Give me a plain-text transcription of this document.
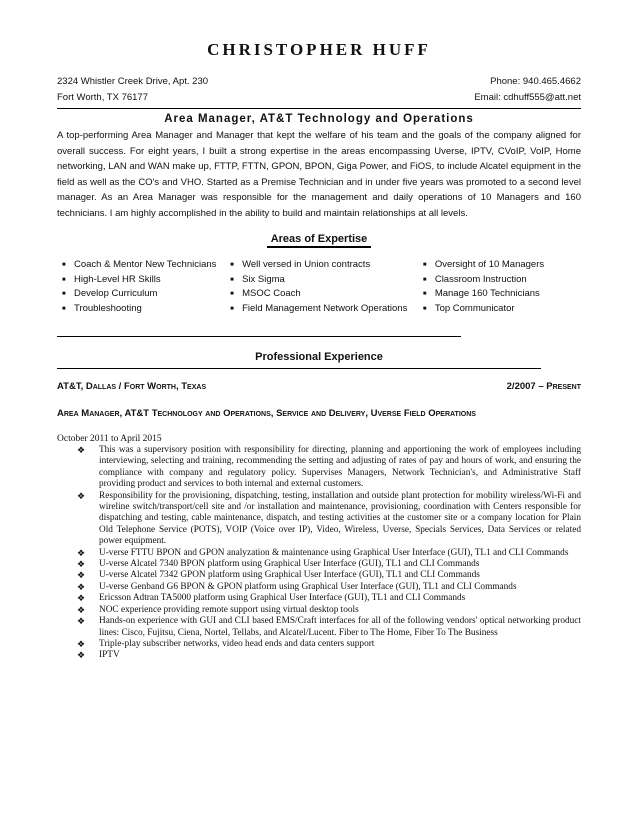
CHRISTOPHER HUFF
2324 Whistler Creek Drive, Apt. 230	Phone: 940.465.4662
Fort Worth, TX 76177	Email: cdhuff555@att.net
Area Manager, AT&T Technology and Operations

A top-performing Area Manager and Manager that kept the welfare of his team and the goals of the company aligned for overall success. For eight years, I built a strong expertise in the areas encompassing Uverse, IPTV, CVoIP, VoIP, Home networking, LAN and WAN make up, FTTP, FTTN, GPON, BPON, Giga Power, and FiOS, to include Alcatel equipment in the field as well as the CO's and VHO. Started as a Premise Technician and in under five years was promoted to a second level manager. As an Area Manager was responsible for the management and daily operations of 10 Managers and 160 technicians. I am highly accomplished in the ability to build and maintain relationships at all levels.

Areas of Expertise
■ Coach & Mentor New Technicians
■ High-Level HR Skills
■ Develop Curriculum
■ Troubleshooting
■ Well versed in Union contracts
■ Six Sigma
■ MSOC Coach
■ Field Management Network Operations
■ Oversight of 10 Managers
■ Classroom Instruction
■ Manage 160 Technicians
■ Top Communicator
Professional Experience
AT&T, Dallas / Fort Worth, Texas	2/2007 – Present
Area Manager, AT&T Technology and Operations, Service and Delivery, Uverse Field Operations
October 2011 to April 2015
❖ This was a supervisory position with responsibility for directing, planning and apportioning the work of employees including interviewing, selecting and training, recommending the setting and adjusting of rates of pay and hours of work, and ensuring the compliance with company and regulatory policy. Supervises Managers, Network Technician's, and Administrative Staff providing product and services to both internal and external customers.
❖ Responsibility for the provisioning, dispatching, testing, installation and outside plant protection for mobility wireless/Wi-Fi and wireline switch/transport/cell site and /or installation and maintenance, provisioning, coordination with Centers responsible for dispatching and testing, cable maintenance, dispatch, and testing activities at the customer site or a company location for Plain Old Telephone Service (POTS), VOIP (Voice over IP), Video, Wireless, Uverse, Specials Services, Data Services or related power equipment.
❖ U-verse FTTU BPON and GPON analyzation & maintenance using Graphical User Interface (GUI), TL1 and CLI Commands
❖ U-verse Alcatel 7340 BPON platform using Graphical User Interface (GUI), TL1 and CLI Commands
❖ U-verse Alcatel 7342 GPON platform using Graphical User Interface (GUI), TL1 and CLI Commands
❖ U-verse Genband G6 BPON & GPON platform using Graphical User Interface (GUI), TL1 and CLI Commands
❖ Ericsson Adtran TA5000 platform using Graphical User Interface (GUI), TL1 and CLI Commands
❖ NOC experience providing remote support using virtual desktop tools
❖ Hands-on experience with GUI and CLI based EMS/Craft interfaces for all of the following vendors' optical networking product lines: Cisco, Fujitsu, Ciena, Nortel, Tellabs, and Alcatel/Lucent. Fiber to The Home, Fiber To The Business
❖ Triple-play subscriber networks, video head ends and data centers support
❖ IPTV
